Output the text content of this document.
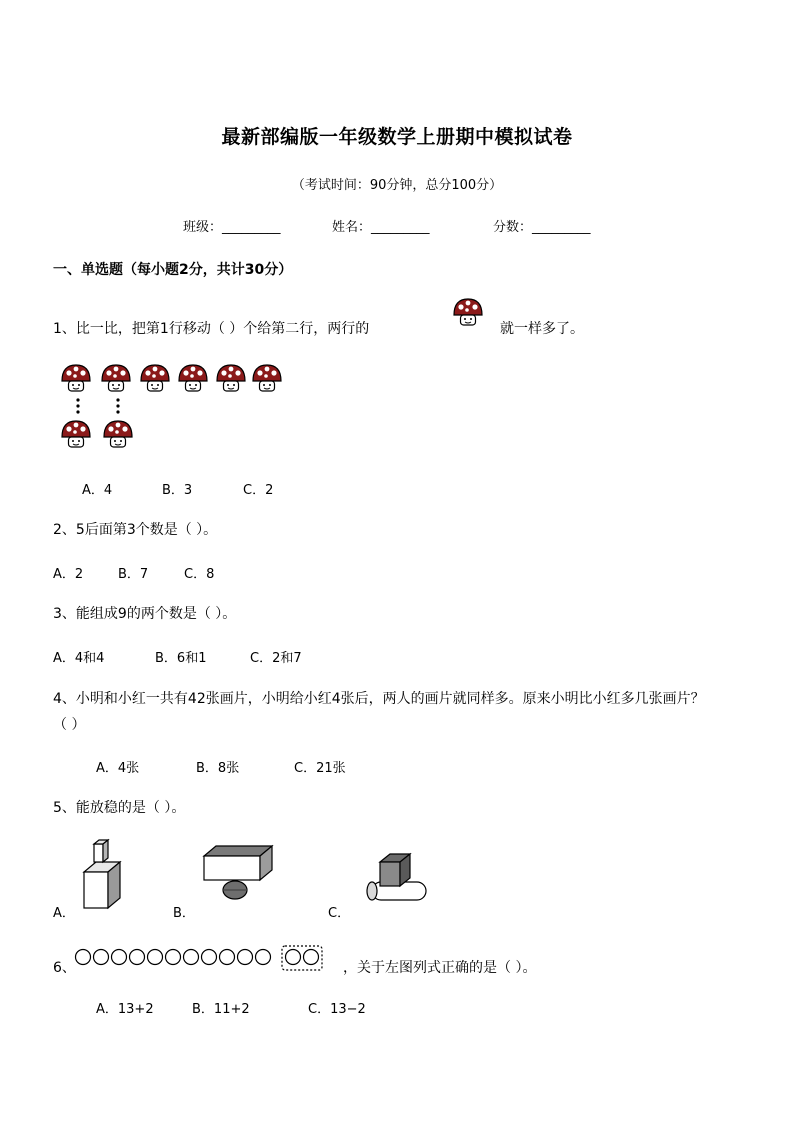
最新部编版一年级数学上册期中模拟试卷
（考试时间：90分钟，总分100分）
班级：_________	姓名：_________	分数：_________
一、单选题（每小题2分，共计30分）
1、比一比，把第1行移动（ ）个给第二行，两行的	就一样多了。
A．4	B．3	C．2
2、5后面第3个数是（ ）。
A．2	B．7	C．8
3、能组成9的两个数是（ ）。
A．4和4	B．6和1	C．2和7
4、小明和小红一共有42张画片，小明给小红4张后，两人的画片就同样多。原来小明比小红多几张画片？
（ ）
A．4张	B．8张	C．21张
5、能放稳的是（ ）。
A．	B．	C．
6、	，关于左图列式正确的是（ ）。
A．13+2	B．11+2	C．13−2
